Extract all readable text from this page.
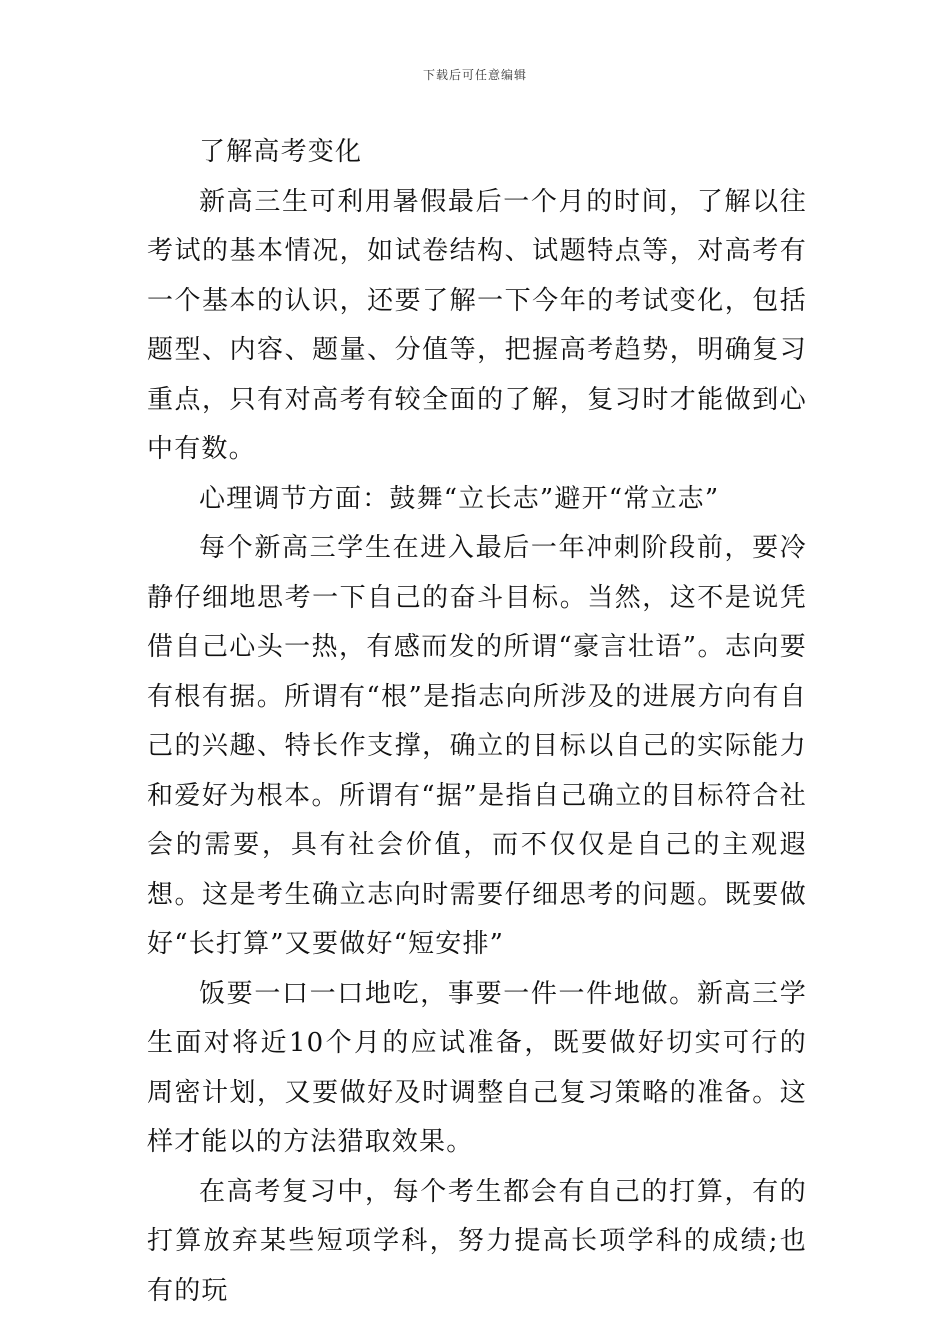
下载后可任意编辑

了解高考变化

新高三生可利用暑假最后一个月的时间，了解以往考试的基本情况，如试卷结构、试题特点等，对高考有一个基本的认识，还要了解一下今年的考试变化，包括题型、内容、题量、分值等，把握高考趋势，明确复习重点，只有对高考有较全面的了解，复习时才能做到心中有数。

心理调节方面：鼓舞“立长志”避开“常立志”

每个新高三学生在进入最后一年冲刺阶段前，要冷静仔细地思考一下自己的奋斗目标。当然，这不是说凭借自己心头一热，有感而发的所谓“豪言壮语”。志向要有根有据。所谓有“根”是指志向所涉及的进展方向有自己的兴趣、特长作支撑，确立的目标以自己的实际能力和爱好为根本。所谓有“据”是指自己确立的目标符合社会的需要，具有社会价值，而不仅仅是自己的主观遐想。这是考生确立志向时需要仔细思考的问题。既要做好“长打算”又要做好“短安排”

饭要一口一口地吃，事要一件一件地做。新高三学生面对将近10个月的应试准备，既要做好切实可行的周密计划，又要做好及时调整自己复习策略的准备。这样才能以的方法猎取效果。

在高考复习中，每个考生都会有自己的打算，有的打算放弃某些短项学科，努力提高长项学科的成绩;也有的玩
